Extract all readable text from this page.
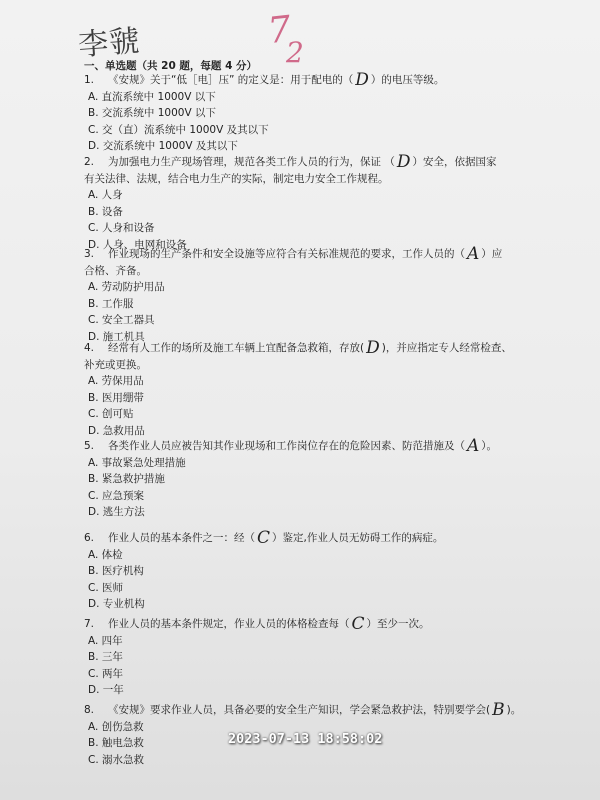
李虢	7
2
一、单选题（共 20 题，每题 4 分）
1. 《安规》关于“低［电］压” 的定义是：用于配电的（ D ）的电压等级。
A. 直流系统中 1000V 以下
B. 交流系统中 1000V 以下
C. 交（直）流系统中 1000V 及其以下
D. 交流系统中 1000V 及其以下
2. 为加强电力生产现场管理，规范各类工作人员的行为，保证 （ D ）安全，依据国家
有关法律、法规，结合电力生产的实际，制定电力安全工作规程。
A. 人身
B. 设备
C. 人身和设备
D. 人身、电网和设备
3. 作业现场的生产条件和安全设施等应符合有关标准规范的要求，工作人员的（ A ）应
合格、齐备。
A. 劳动防护用品
B. 工作服
C. 安全工器具
D. 施工机具
4. 经常有人工作的场所及施工车辆上宜配备急救箱，存放( D )，并应指定专人经常检查、
补充或更换。
A. 劳保用品
B. 医用绷带
C. 创可贴
D. 急救用品
5. 各类作业人员应被告知其作业现场和工作岗位存在的危险因素、防范措施及（ A ）。
A. 事故紧急处理措施
B. 紧急救护措施
C. 应急预案
D. 逃生方法
6. 作业人员的基本条件之一：经（ C ）鉴定,作业人员无妨碍工作的病症。
A. 体检
B. 医疗机构
C. 医师
D. 专业机构
7. 作业人员的基本条件规定，作业人员的体格检查每（ C ）至少一次。
A. 四年
B. 三年
C. 两年
D. 一年
8. 《安规》要求作业人员，具备必要的安全生产知识，学会紧急救护法，特别要学会( B )。
A. 创伤急救
B. 触电急救
C. 溺水急救
2023-07-13 18:58:02
